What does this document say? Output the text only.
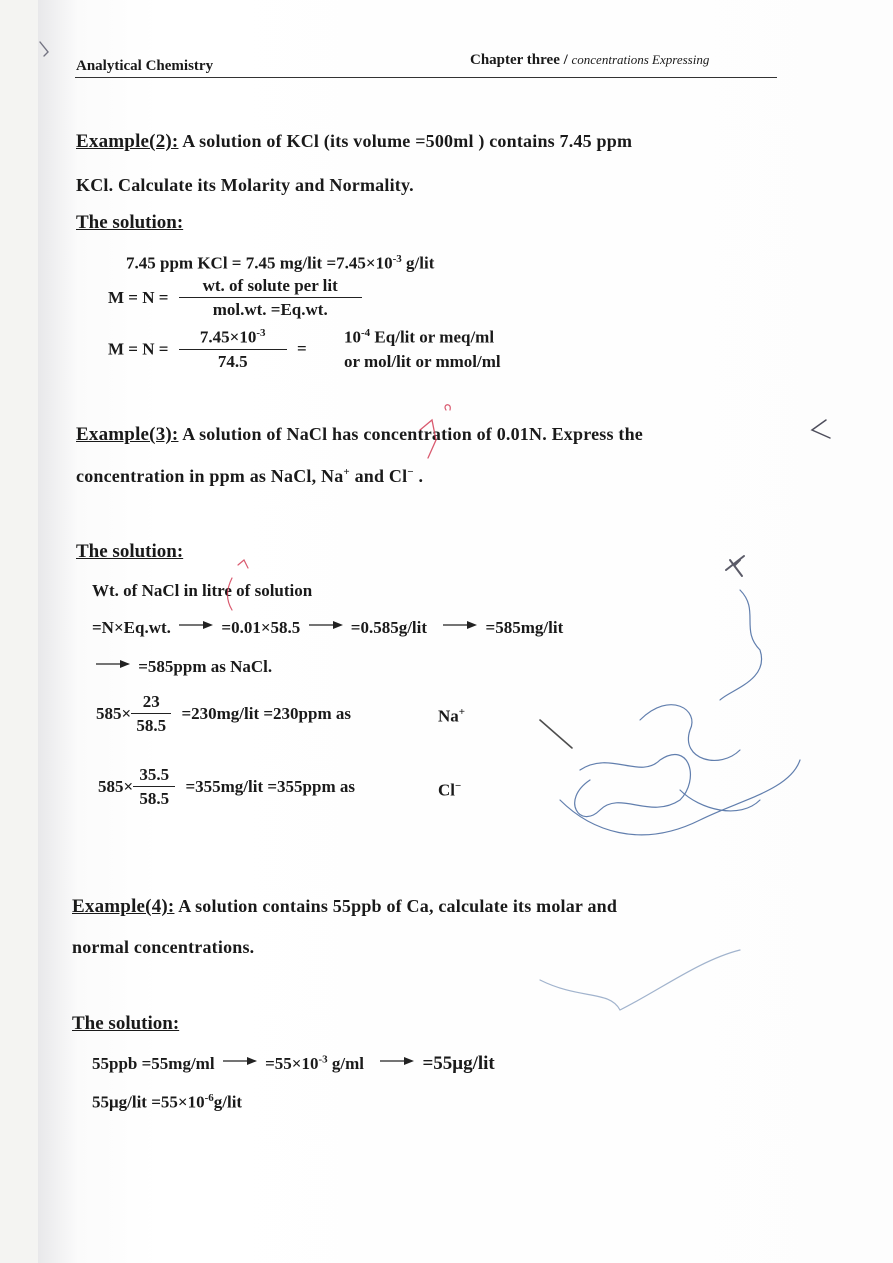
Analytical Chemistry	Chapter three / concentrations Expressing
Example(2): A solution of KCl (its volume =500ml ) contains 7.45 ppm
KCl. Calculate its Molarity and Normality.
The solution:
7.45 ppm KCl = 7.45 $mg/lit =7.45\times 10^{-3}$ g/lit
$M = N = \frac{\text{wt. of solute per lit}}{\text{mol.wt. =Eq.wt.}}$
$M = N = \frac{7.45\times 10^{-3}}{74.5}$ =
$10^{-4}$ Eq/lit or meq/ml
or mol/lit or mmol/ml
Example(3): A solution of NaCl has concentration of 0.01N. Express the
concentration in ppm as NaCl, Na+ and Cl− .
The solution:
Wt. of NaCl in litre of solution
=N×Eq.wt.	=0.01×58.5	=0.585g/lit	=585mg/lit
=585ppm as NaCl.
$585\times \frac{23}{58.5} =230mg/lit =230ppm$ as	Na+
$585\times \frac{35.5}{58.5} =355mg/lit =355ppm$ as	Cl−
Example(4): A solution contains 55ppb of Ca, calculate its molar and
normal concentrations.
The solution:
55ppb =55mg/ml	$=55\times 10^{-3}$ g/ml	=55μg/lit
$55\mu g/lit =55\times 10^{-6}g$/lit
